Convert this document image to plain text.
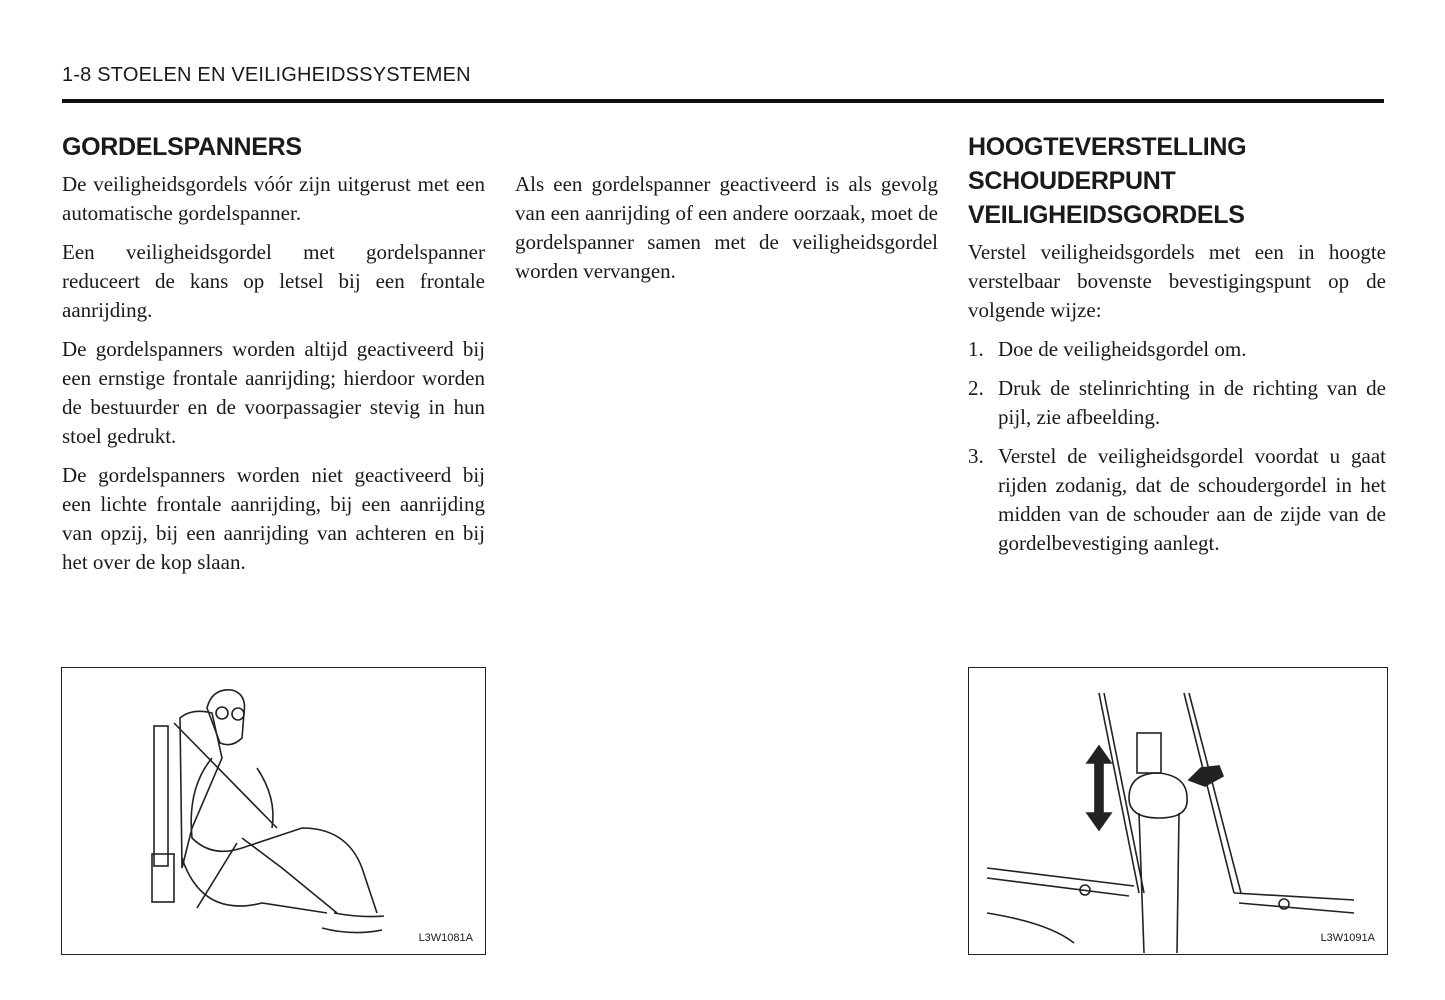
1-8 STOELEN EN VEILIGHEIDSSYSTEMEN
GORDELSPANNERS

De veiligheidsgordels vóór zijn uitgerust met een automatische gordelspanner.

Een veiligheidsgordel met gordelspanner reduceert de kans op letsel bij een frontale aanrijding.

De gordelspanners worden altijd geactiveerd bij een ernstige frontale aanrijding; hierdoor worden de bestuurder en de voorpassagier stevig in hun stoel gedrukt.

De gordelspanners worden niet geactiveerd bij een lichte frontale aanrijding, bij een aanrijding van opzij, bij een aanrijding van achteren en bij het over de kop slaan.

Als een gordelspanner geactiveerd is als gevolg van een aanrijding of een andere oorzaak, moet de gordelspanner samen met de veiligheidsgordel worden vervangen.

HOOGTEVERSTELLING
SCHOUDERPUNT
VEILIGHEIDSGORDELS

Verstel veiligheidsgordels met een in hoogte verstelbaar bovenste bevestigingspunt op de volgende wijze:

1. Doe de veiligheidsgordel om.
2. Druk de stelinrichting in de richting van de pijl, zie afbeelding.
3. Verstel de veiligheidsgordel voordat u gaat rijden zodanig, dat de schoudergordel in het midden van de schouder aan de zijde van de gordelbevestiging aanlegt.
L3W1081A	L3W1091A
